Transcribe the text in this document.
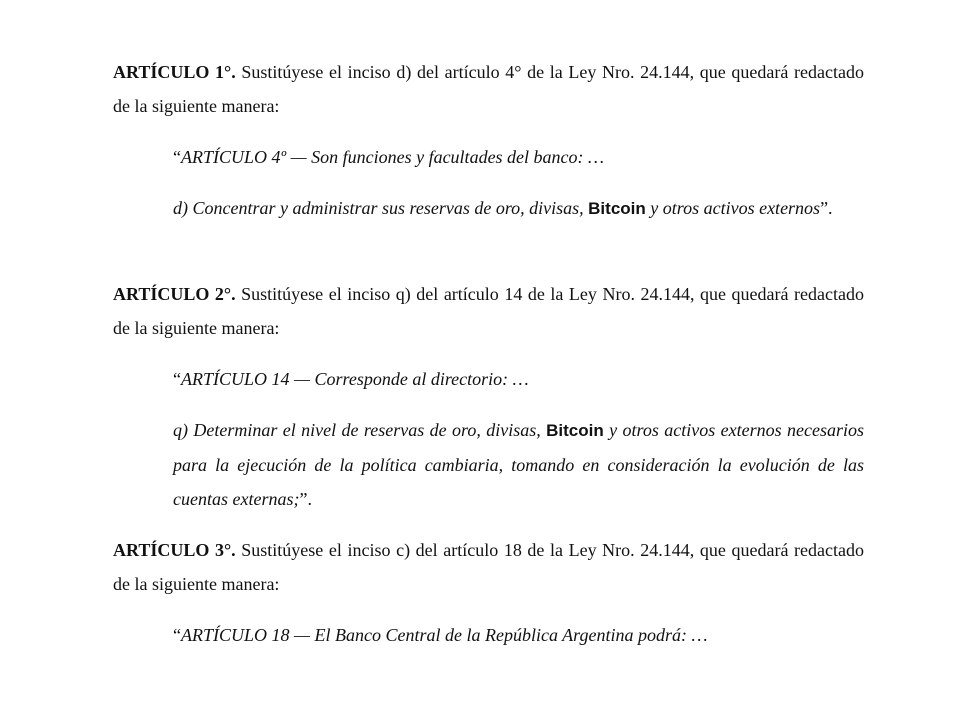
ARTÍCULO 1°. Sustitúyese el inciso d) del artículo 4° de la Ley Nro. 24.144, que quedará redactado de la siguiente manera:

“ARTÍCULO 4º — Son funciones y facultades del banco: …

d) Concentrar y administrar sus reservas de oro, divisas, Bitcoin y otros activos externos”.

ARTÍCULO 2°. Sustitúyese el inciso q) del artículo 14 de la Ley Nro. 24.144, que quedará redactado de la siguiente manera:

“ARTÍCULO 14 — Corresponde al directorio: …

q) Determinar el nivel de reservas de oro, divisas, Bitcoin y otros activos externos necesarios para la ejecución de la política cambiaria, tomando en consideración la evolución de las cuentas externas;”.

ARTÍCULO 3°. Sustitúyese el inciso c) del artículo 18 de la Ley Nro. 24.144, que quedará redactado de la siguiente manera:

“ARTÍCULO 18 — El Banco Central de la República Argentina podrá: …
